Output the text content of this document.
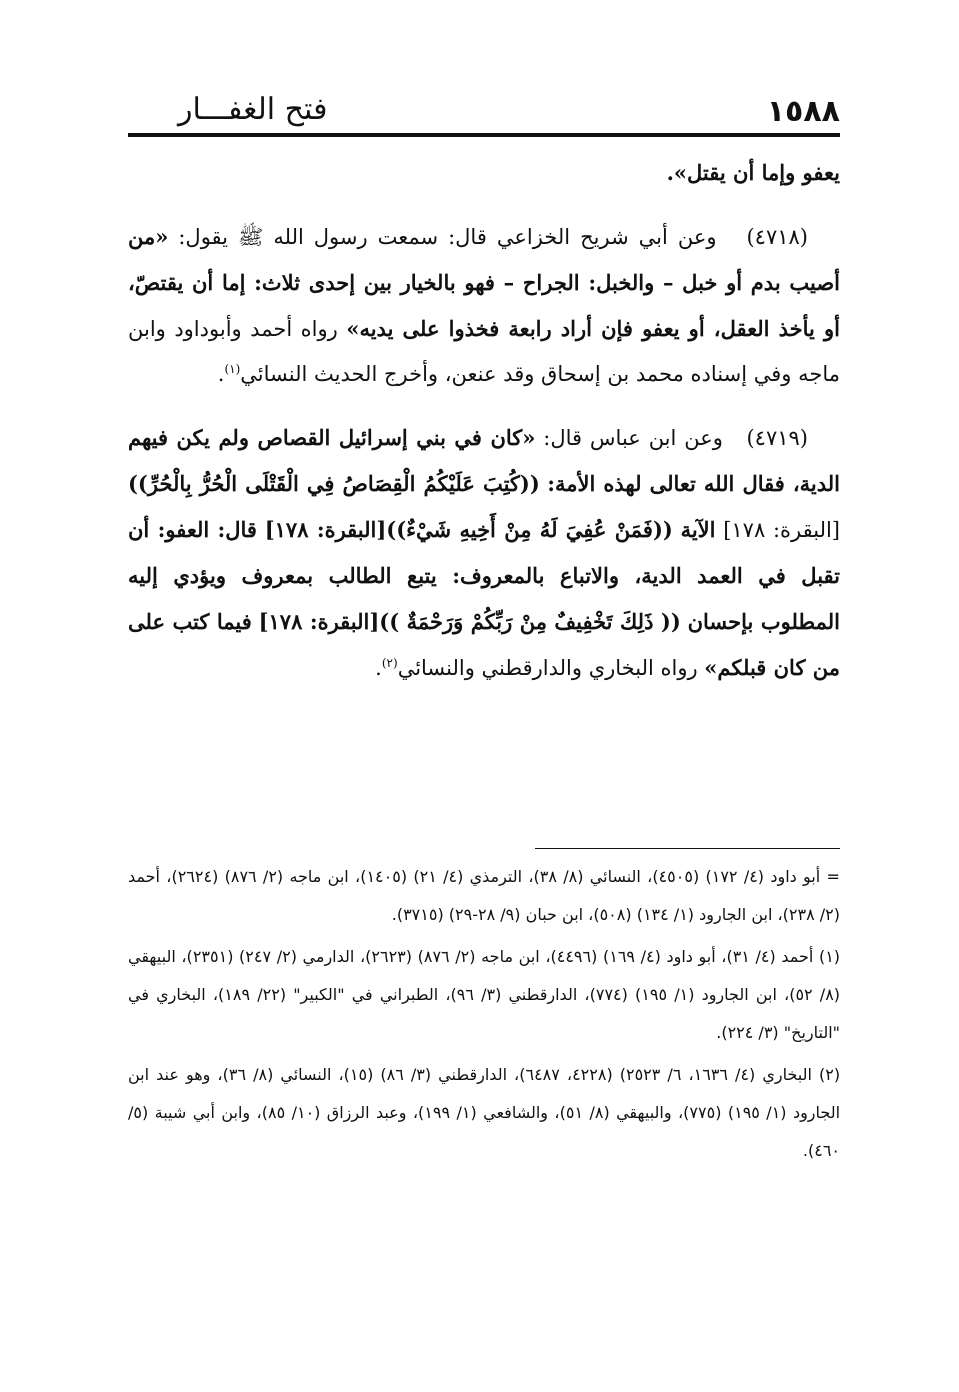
١٥٨٨
فتح الغفـــار

يعفو وإما أن يقتل».

(٤٧١٨)   وعن أبي شريح الخزاعي قال: سمعت رسول الله ﷺ يقول: «من أصيب بدم أو خبل – والخبل: الجراح – فهو بالخيار بين إحدى ثلاث: إما أن يقتصّ، أو يأخذ العقل، أو يعفو فإن أراد رابعة فخذوا على يديه» رواه أحمد وأبوداود وابن ماجه وفي إسناده محمد بن إسحاق وقد عنعن، وأخرج الحديث النسائي$^{(١)}$.

(٤٧١٩)   وعن ابن عباس قال: «كان في بني إسرائيل القصاص ولم يكن فيهم الدية، فقال الله تعالى لهذه الأمة: ((كُتِبَ عَلَيْكُمُ الْقِصَاصُ فِي الْقَتْلَى الْحُرُّ بِالْحُرِّ)) [البقرة: ١٧٨] الآية ((فَمَنْ عُفِيَ لَهُ مِنْ أَخِيهِ شَيْءٌ))[البقرة: ١٧٨] قال: العفو: أن تقبل في العمد الدية، والاتباع بالمعروف: يتبع الطالب بمعروف ويؤدي إليه المطلوب بإحسان (( ذَلِكَ تَخْفِيفٌ مِنْ رَبِّكُمْ وَرَحْمَةٌ ))[البقرة: ١٧٨] فيما كتب على من كان قبلكم» رواه البخاري والدارقطني والنسائي$^{(٢)}$.

= أبو داود (٤/ ١٧٢) (٤٥٠٥)، النسائي (٨/ ٣٨)، الترمذي (٤/ ٢١) (١٤٠٥)، ابن ماجه (٢/ ٨٧٦) (٢٦٢٤)، أحمد (٢/ ٢٣٨)، ابن الجارود (١/ ١٣٤) (٥٠٨)، ابن حبان (٩/ ٢٨-٢٩) (٣٧١٥).

(١) أحمد (٤/ ٣١)، أبو داود (٤/ ١٦٩) (٤٤٩٦)، ابن ماجه (٢/ ٨٧٦) (٢٦٢٣)، الدارمي (٢/ ٢٤٧) (٢٣٥١)، البيهقي (٨/ ٥٢)، ابن الجارود (١/ ١٩٥) (٧٧٤)، الدارقطني (٣/ ٩٦)، الطبراني في "الكبير" (٢٢/ ١٨٩)، البخاري في "التاريخ" (٣/ ٢٢٤).

(٢) البخاري (٤/ ١٦٣٦، ٦/ ٢٥٢٣) (٤٢٢٨، ٦٤٨٧)، الدارقطني (٣/ ٨٦) (١٥)، النسائي (٨/ ٣٦)، وهو عند ابن الجارود (١/ ١٩٥) (٧٧٥)، والبيهقي (٨/ ٥١)، والشافعي (١/ ١٩٩)، وعبد الرزاق (١٠/ ٨٥)، وابن أبي شيبة (٥/ ٤٦٠).
